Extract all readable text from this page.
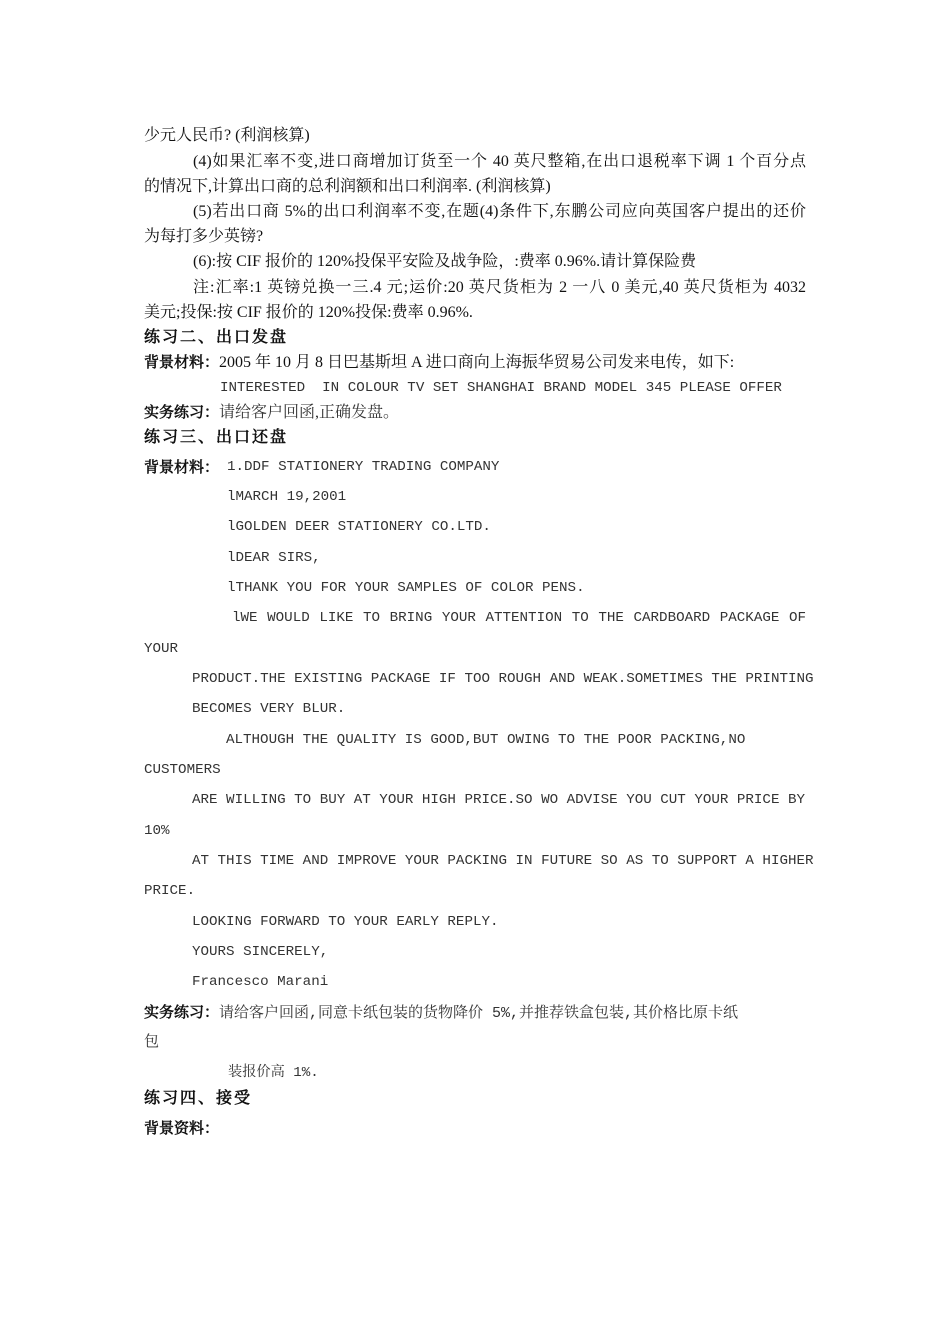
少元人民币? (利润核算)
(4)如果汇率不变,进口商增加订货至一个 40 英尺整箱,在出口退税率下调 1 个百分点
的情况下,计算出口商的总利润额和出口利润率. (利润核算)
(5)若出口商 5%的出口利润率不变,在题(4)条件下,东鹏公司应向英国客户提出的还价
为每打多少英镑?
(6):按 CIF 报价的 120%投保平安险及战争险，:费率 0.96%.请计算保险费
注:汇率:1 英镑兑换一三.4 元;运价:20 英尺货柜为 2 一八 0 美元,40 英尺货柜为 4032
美元;投保:按 CIF 报价的 120%投保:费率 0.96%.
练习二、出口发盘
背景材料：2005 年 10 月 8 日巴基斯坦 A 进口商向上海振华贸易公司发来电传，如下:
INTERESTED  IN COLOUR TV SET SHANGHAI BRAND MODEL 345 PLEASE OFFER
实务练习：请给客户回函,正确发盘。
练习三、出口还盘
背景材料： 1.DDF STATIONERY TRADING COMPANY
lMARCH 19,2001
lGOLDEN DEER STATIONERY CO.LTD.
lDEAR SIRS,
lTHANK YOU FOR YOUR SAMPLES OF COLOR PENS.
lWE WOULD LIKE TO BRING YOUR ATTENTION TO THE CARDBOARD PACKAGE OF
YOUR
PRODUCT.THE EXISTING PACKAGE IF TOO ROUGH AND WEAK.SOMETIMES THE PRINTING
BECOMES VERY BLUR.
ALTHOUGH THE QUALITY IS GOOD,BUT OWING TO THE POOR PACKING,NO
CUSTOMERS
ARE WILLING TO BUY AT YOUR HIGH PRICE.SO WO ADVISE YOU CUT YOUR PRICE BY
10%
AT THIS TIME AND IMPROVE YOUR PACKING IN FUTURE SO AS TO SUPPORT A HIGHER
PRICE.
LOOKING FORWARD TO YOUR EARLY REPLY.
YOURS SINCERELY,
Francesco Marani
实务练习：请给客户回函,同意卡纸包装的货物降价 5%,并推荐铁盒包装,其价格比原卡纸
包
装报价高 1%.
练习四、接受
背景资料：
